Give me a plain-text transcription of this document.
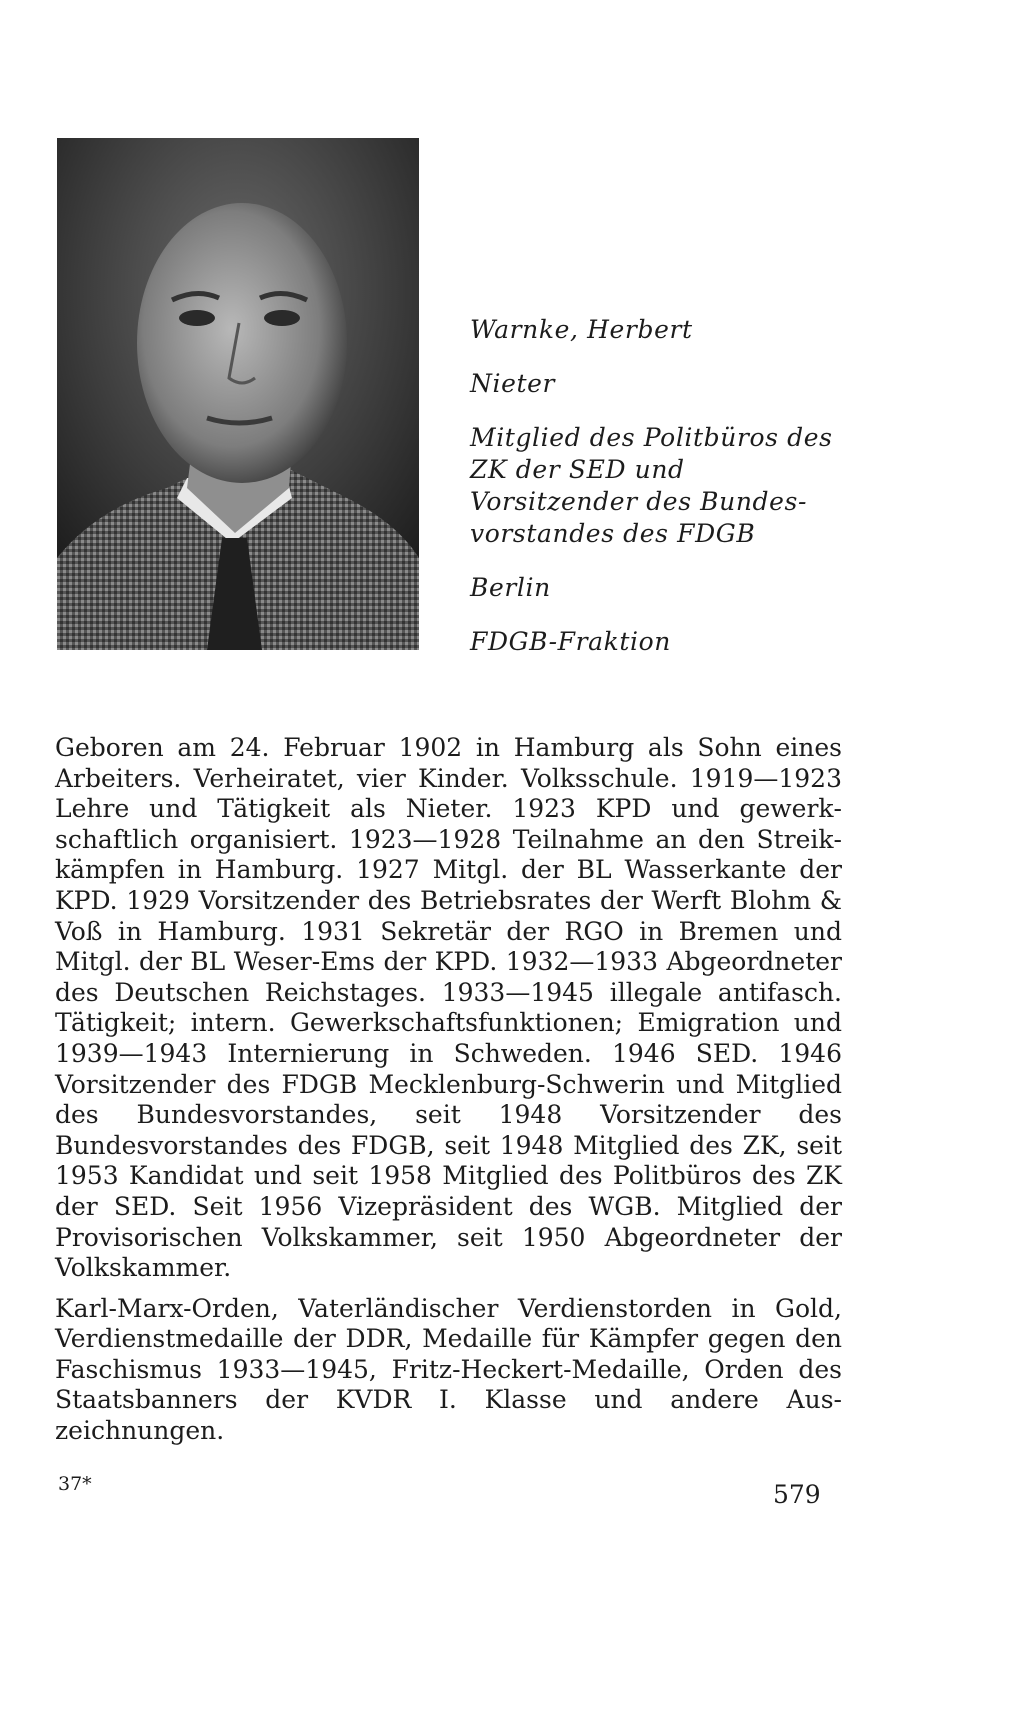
Warnke, Herbert

Nieter

Mitglied des Politbüros des ZK der SED und Vorsitzender des Bundesvorstandes des FDGB

Berlin

FDGB-Fraktion

Geboren am 24. Februar 1902 in Hamburg als Sohn eines Arbeiters. Verheiratet, vier Kinder. Volksschule. 1919—1923 Lehre und Tätigkeit als Nieter. 1923 KPD und gewerkschaftlich organisiert. 1923—1928 Teilnahme an den Streikkämpfen in Hamburg. 1927 Mitgl. der BL Wasserkante der KPD. 1929 Vorsitzender des Betriebsrates der Werft Blohm & Voß in Hamburg. 1931 Sekretär der RGO in Bremen und Mitgl. der BL Weser-Ems der KPD. 1932—1933 Abgeordneter des Deutschen Reichstages. 1933—1945 illegale antifasch. Tätigkeit; intern. Gewerkschaftsfunktionen; Emigration und 1939—1943 Internierung in Schweden. 1946 SED. 1946 Vorsitzender des FDGB Mecklenburg-Schwerin und Mitglied des Bundesvorstandes, seit 1948 Vorsitzender des Bundesvorstandes des FDGB, seit 1948 Mitglied des ZK, seit 1953 Kandidat und seit 1958 Mitglied des Politbüros des ZK der SED. Seit 1956 Vizepräsident des WGB. Mitglied der Provisorischen Volkskammer, seit 1950 Abgeordneter der Volkskammer.

Karl-Marx-Orden, Vaterländischer Verdienstorden in Gold, Verdienstmedaille der DDR, Medaille für Kämpfer gegen den Faschismus 1933—1945, Fritz-Heckert-Medaille, Orden des Staatsbanners der KVDR I. Klasse und andere Auszeichnungen.

37*	579
